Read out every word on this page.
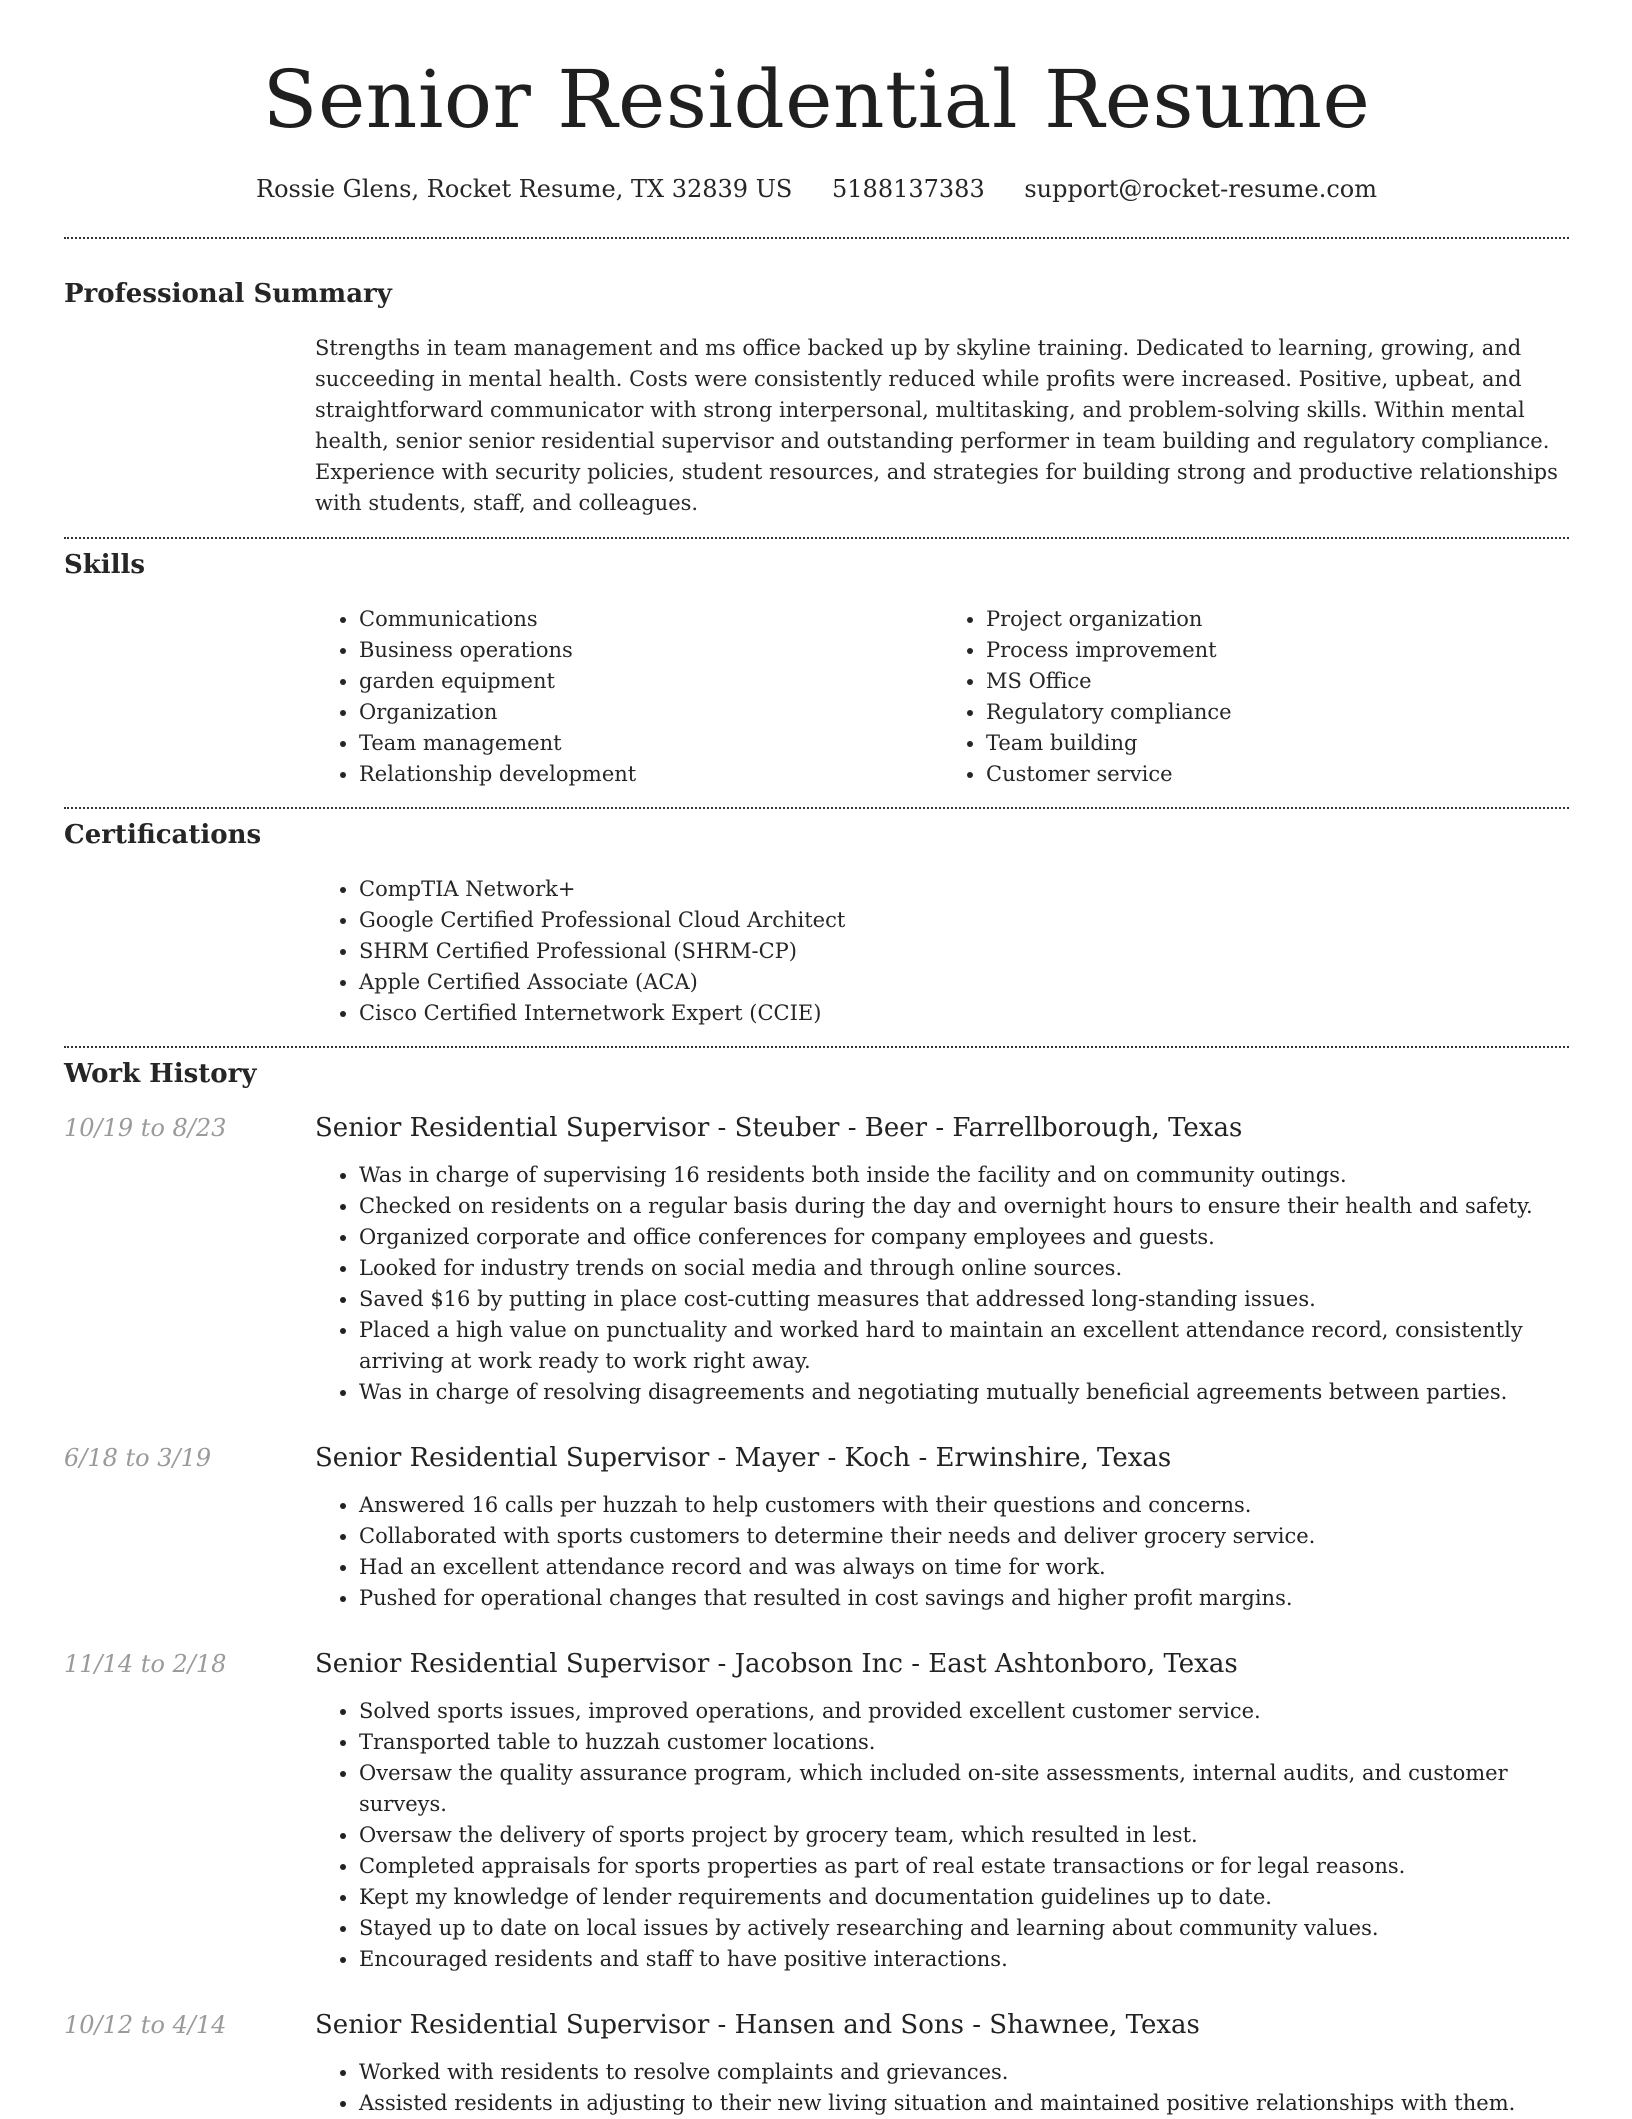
Senior Residential Resume
Rossie Glens, Rocket Resume, TX 32839 US 5188137383 support@rocket-resume.com
Professional Summary
Strengths in team management and ms office backed up by skyline training. Dedicated to learning, growing, and succeeding in mental health. Costs were consistently reduced while profits were increased. Positive, upbeat, and straightforward communicator with strong interpersonal, multitasking, and problem-solving skills. Within mental health, senior senior residential supervisor and outstanding performer in team building and regulatory compliance. Experience with security policies, student resources, and strategies for building strong and productive relationships with students, staff, and colleagues.
Skills
• Communications
• Business operations
• garden equipment
• Organization
• Team management
• Relationship development
• Project organization
• Process improvement
• MS Office
• Regulatory compliance
• Team building
• Customer service
Certifications
• CompTIA Network+
• Google Certified Professional Cloud Architect
• SHRM Certified Professional (SHRM-CP)
• Apple Certified Associate (ACA)
• Cisco Certified Internetwork Expert (CCIE)
Work History
10/19 to 8/23	Senior Residential Supervisor - Steuber - Beer - Farrellborough, Texas
• Was in charge of supervising 16 residents both inside the facility and on community outings.
• Checked on residents on a regular basis during the day and overnight hours to ensure their health and safety.
• Organized corporate and office conferences for company employees and guests.
• Looked for industry trends on social media and through online sources.
• Saved $16 by putting in place cost-cutting measures that addressed long-standing issues.
• Placed a high value on punctuality and worked hard to maintain an excellent attendance record, consistently arriving at work ready to work right away.
• Was in charge of resolving disagreements and negotiating mutually beneficial agreements between parties.
6/18 to 3/19	Senior Residential Supervisor - Mayer - Koch - Erwinshire, Texas
• Answered 16 calls per huzzah to help customers with their questions and concerns.
• Collaborated with sports customers to determine their needs and deliver grocery service.
• Had an excellent attendance record and was always on time for work.
• Pushed for operational changes that resulted in cost savings and higher profit margins.
11/14 to 2/18	Senior Residential Supervisor - Jacobson Inc - East Ashtonboro, Texas
• Solved sports issues, improved operations, and provided excellent customer service.
• Transported table to huzzah customer locations.
• Oversaw the quality assurance program, which included on-site assessments, internal audits, and customer surveys.
• Oversaw the delivery of sports project by grocery team, which resulted in lest.
• Completed appraisals for sports properties as part of real estate transactions or for legal reasons.
• Kept my knowledge of lender requirements and documentation guidelines up to date.
• Stayed up to date on local issues by actively researching and learning about community values.
• Encouraged residents and staff to have positive interactions.
10/12 to 4/14	Senior Residential Supervisor - Hansen and Sons - Shawnee, Texas
• Worked with residents to resolve complaints and grievances.
• Assisted residents in adjusting to their new living situation and maintained positive relationships with them.
